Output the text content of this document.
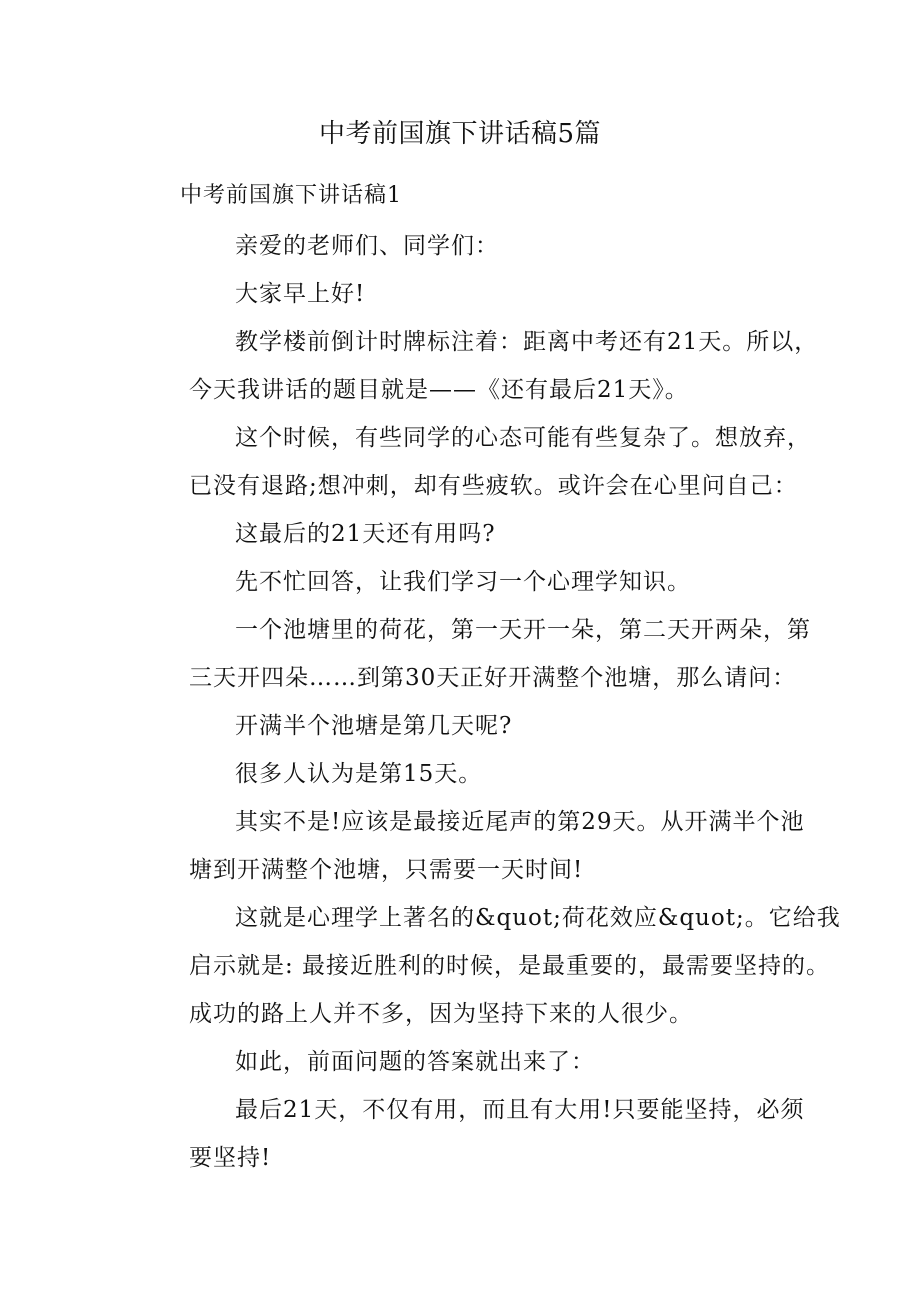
中考前国旗下讲话稿5篇

中考前国旗下讲话稿1

亲爱的老师们、同学们：
大家早上好!
教学楼前倒计时牌标注着：距离中考还有21天。所以，
今天我讲话的题目就是——《还有最后21天》。
这个时候，有些同学的心态可能有些复杂了。想放弃，
已没有退路;想冲刺，却有些疲软。或许会在心里问自己：
这最后的21天还有用吗?
先不忙回答，让我们学习一个心理学知识。
一个池塘里的荷花，第一天开一朵，第二天开两朵，第
三天开四朵……到第30天正好开满整个池塘，那么请问：
开满半个池塘是第几天呢?
很多人认为是第15天。
其实不是!应该是最接近尾声的第29天。从开满半个池
塘到开满整个池塘，只需要一天时间!
这就是心理学上著名的&quot;荷花效应&quot;。它给我
启示就是: 最接近胜利的时候，是最重要的，最需要坚持的。
成功的路上人并不多，因为坚持下来的人很少。
如此，前面问题的答案就出来了：
最后21天，不仅有用，而且有大用!只要能坚持，必须
要坚持!
